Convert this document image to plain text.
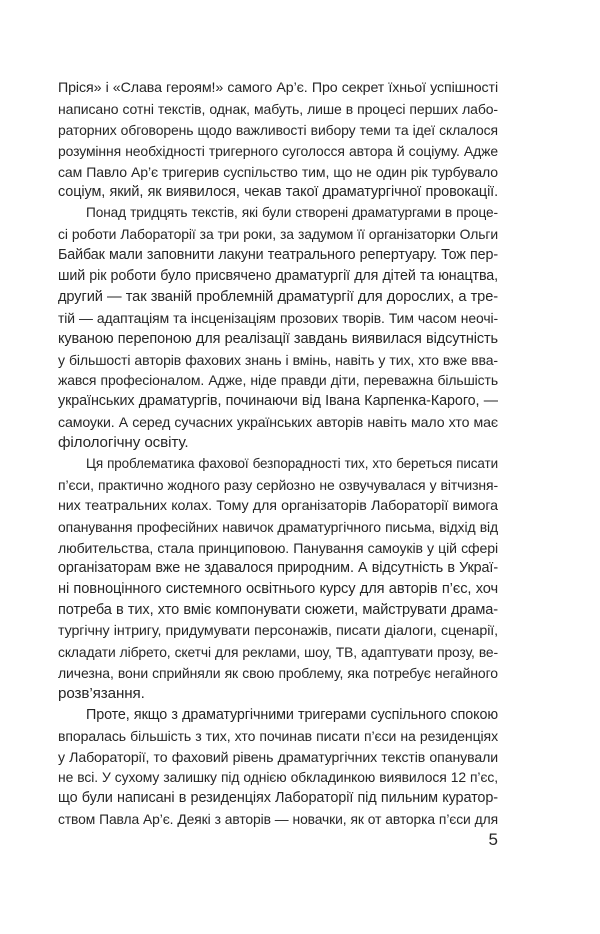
Пріся» і «Слава героям!» самого Ар’є. Про секрет їхньої успішності
написано сотні текстів, однак, мабуть, лише в процесі перших лабо-
раторних обговорень щодо важливості вибору теми та ідеї склалося
розуміння необхідності тригерного суголосся автора й соціуму. Адже
сам Павло Ар’є тригерив суспільство тим, що не один рік турбувало
соціум, який, як виявилося, чекав такої драматургічної провокації.
Понад тридцять текстів, які були створені драматургами в проце-
сі роботи Лабораторії за три роки, за задумом її організаторки Ольги
Байбак мали заповнити лакуни театрального репертуару. Тож пер-
ший рік роботи було присвячено драматургії для дітей та юнацтва,
другий — так званій проблемній драматургії для дорослих, а тре-
тій — адаптаціям та інсценізаціям прозових творів. Тим часом неочі-
куваною перепоною для реалізації завдань виявилася відсутність
у більшості авторів фахових знань і вмінь, навіть у тих, хто вже вва-
жався професіоналом. Адже, ніде правди діти, переважна більшість
українських драматургів, починаючи від Івана Карпенка-Карого, —
самоуки. А серед сучасних українських авторів навіть мало хто має
філологічну освіту.
Ця проблематика фахової безпорадності тих, хто береться писати
п’єси, практично жодного разу серйозно не озвучувалася у вітчизня-
них театральних колах. Тому для організаторів Лабораторії вимога
опанування професійних навичок драматургічного письма, відхід від
любительства, стала принциповою. Панування самоуків у цій сфері
організаторам вже не здавалося природним. А відсутність в Украї-
ні повноцінного системного освітнього курсу для авторів п’єс, хоч
потреба в тих, хто вміє компонувати сюжети, майструвати драма-
тургічну інтригу, придумувати персонажів, писати діалоги, сценарії,
складати лібрето, скетчі для реклами, шоу, ТВ, адаптувати прозу, ве-
личезна, вони сприйняли як свою проблему, яка потребує негайного
розв’язання.
Проте, якщо з драматургічними тригерами суспільного спокою
впоралась більшість з тих, хто починав писати п’єси на резиденціях
у Лабораторії, то фаховий рівень драматургічних текстів опанували
не всі. У сухому залишку під однією обкладинкою виявилося 12 п’єс,
що були написані в резиденціях Лабораторії під пильним куратор-
ством Павла Ар’є. Деякі з авторів — новачки, як от авторка п’єси для
5
